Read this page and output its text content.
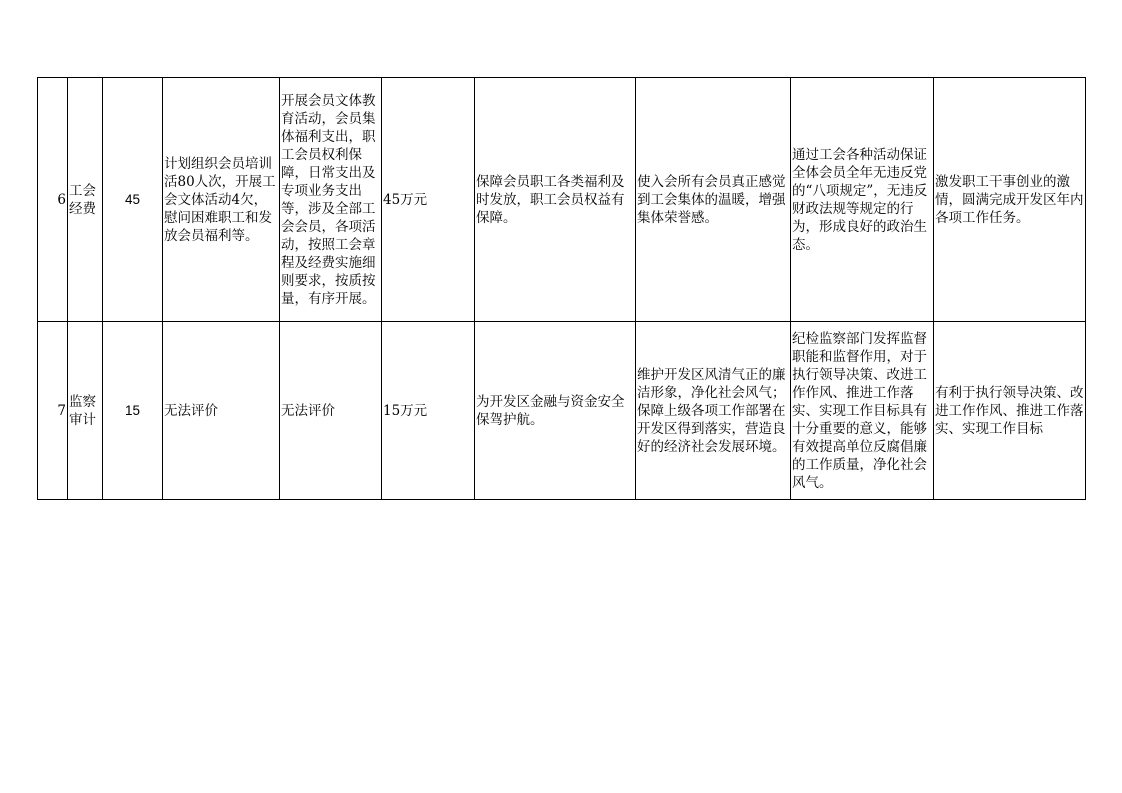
6	工会经费	45	计划组织会员培训活80人次，开展工会文体活动4欠，慰问困难职工和发放会员福利等。	开展会员文体教育活动，会员集体福利支出，职工会员权利保障，日常支出及专项业务支出等，涉及全部工会会员，各项活动，按照工会章程及经费实施细则要求，按质按量，有序开展。	45万元	保障会员职工各类福利及时发放，职工会员权益有保障。	使入会所有会员真正感觉到工会集体的温暖，增强集体荣誉感。	通过工会各种活动保证全体会员全年无违反党的“八项规定”，无违反财政法规等规定的行为，形成良好的政治生态。	激发职工干事创业的激情，圆满完成开发区年内各项工作任务。
7	监察审计	15	无法评价	无法评价	15万元	为开发区金融与资金安全保驾护航。	维护开发区风清气正的廉洁形象，净化社会风气；保障上级各项工作部署在开发区得到落实，营造良好的经济社会发展环境。	纪检监察部门发挥监督职能和监督作用，对于执行领导决策、改进工作作风、推进工作落实、实现工作目标具有十分重要的意义，能够有效提高单位反腐倡廉的工作质量，净化社会风气。	有利于执行领导决策、改进工作作风、推进工作落实、实现工作目标
